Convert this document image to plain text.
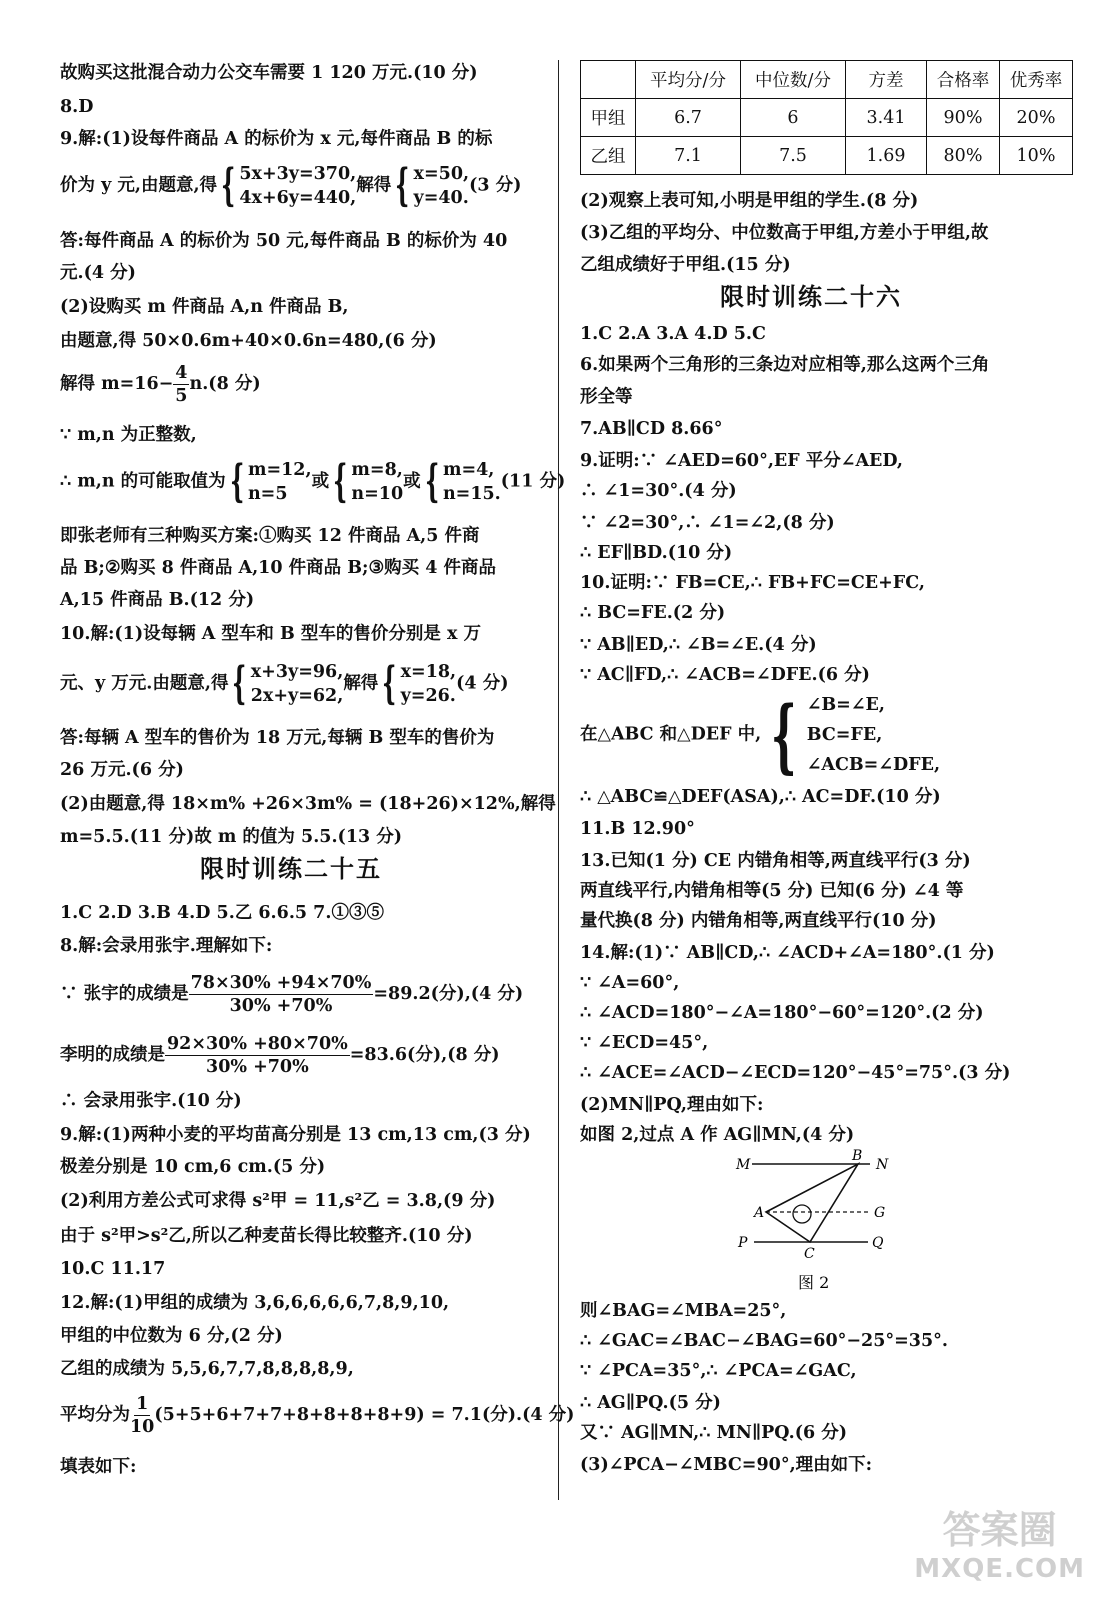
故购买这批混合动力公交车需要 1 120 万元.(10 分)
8.D
9.解:(1)设每件商品 A 的标价为 x 元,每件商品 B 的标
价为 y 元,由题意,得 { 5x+3y=370,
4x+6y=440,
解得 { x=50,
y=40.
(3 分)
答:每件商品 A 的标价为 50 元,每件商品 B 的标价为 40
元.(4 分)
(2)设购买 m 件商品 A,n 件商品 B,
由题意,得 50×0.6m+40×0.6n=480,(6 分)
解得 $m=16- \frac{4}{5} n.(8$ 分)
∵ m,n 为正整数,
∴ m,n 的可能取值为 { m=12,
n=5
或 { m=8,
n=10
或 { m=4,
n=15.
(11 分)
即张老师有三种购买方案:①购买 12 件商品 A,5 件商
品 B;②购买 8 件商品 A,10 件商品 B;③购买 4 件商品
A,15 件商品 B.(12 分)
10.解:(1)设每辆 A 型车和 B 型车的售价分别是 x 万
元、y 万元.由题意,得 { x+3y=96,
2x+y=62,
解得 { x=18,
y=26.
(4 分)
答:每辆 A 型车的售价为 18 万元,每辆 B 型车的售价为
26 万元.(6 分)
(2)由题意,得 18×m% +26×3m% = (18+26)×12%,解得
m=5.5.(11 分)故 m 的值为 5.5.(13 分)
限时训练二十五
1.C 2.D 3.B 4.D 5.乙 6.6.5 7.①③⑤
8.解:会录用张宇.理解如下:
∵ 张宇的成绩是 $\frac{78\times 30\% +94\times 70\%}{30\% +70\%} =89.2$(分),(4 分)
李明的成绩是 $\frac{92\times 30\% +80\times 70\%}{30\% +70\%} =83.6$(分),(8 分)
∴ 会录用张宇.(10 分)
9.解:(1)两种小麦的平均苗高分别是 13 cm,13 cm,(3 分)
极差分别是 10 cm,6 cm.(5 分)
(2)利用方差公式可求得 s²甲 = 11,s²乙 = 3.8,(9 分)
由于 s²甲>s²乙,所以乙种麦苗长得比较整齐.(10 分)
10.C 11.17
12.解:(1)甲组的成绩为 3,6,6,6,6,6,7,8,9,10,
甲组的中位数为 6 分,(2 分)
乙组的成绩为 5,5,6,7,7,8,8,8,8,9,
平均分为 $\frac{1}{10} (5+5+6+7+7+8+8+8+8+9) = 7.1$(分).(4 分)
填表如下:
	平均分/分	中位数/分	方差	合格率	优秀率
甲组	6.7	6	3.41	90%	20%
乙组	7.1	7.5	1.69	80%	10%
(2)观察上表可知,小明是甲组的学生.(8 分)
(3)乙组的平均分、中位数高于甲组,方差小于甲组,故
乙组成绩好于甲组.(15 分)
限时训练二十六
1.C 2.A 3.A 4.D 5.C
6.如果两个三角形的三条边对应相等,那么这两个三角
形全等
7.AB∥CD 8.66°
9.证明:∵ ∠AED=60°,EF 平分∠AED,
∴ ∠1=30°.(4 分)
∵ ∠2=30°,∴ ∠1=∠2,(8 分)
∴ EF∥BD.(10 分)
10.证明:∵ FB=CE,∴ FB+FC=CE+FC,
∴ BC=FE.(2 分)
∵ AB∥ED,∴ ∠B=∠E.(4 分)
∵ AC∥FD,∴ ∠ACB=∠DFE.(6 分)
在△ABC 和△DEF 中, { ∠B=∠E,
BC=FE,
∠ACB=∠DFE,
∴ △ABC≌△DEF(ASA),∴ AC=DF.(10 分)
11.B 12.90°
13.已知(1 分) CE 内错角相等,两直线平行(3 分)
两直线平行,内错角相等(5 分) 已知(6 分) ∠4 等
量代换(8 分) 内错角相等,两直线平行(10 分)
14.解:(1)∵ AB∥CD,∴ ∠ACD+∠A=180°.(1 分)
∵ ∠A=60°,
∴ ∠ACD=180°−∠A=180°−60°=120°.(2 分)
∵ ∠ECD=45°,
∴ ∠ACE=∠ACD−∠ECD=120°−45°=75°.(3 分)
(2)MN∥PQ,理由如下:
如图 2,过点 A 作 AG∥MN,(4 分)
M
B
N
A	G
P
C
Q
图 2
则∠BAG=∠MBA=25°,
∴ ∠GAC=∠BAC−∠BAG=60°−25°=35°.
∵ ∠PCA=35°,∴ ∠PCA=∠GAC,
∴ AG∥PQ.(5 分)
又∵ AG∥MN,∴ MN∥PQ.(6 分)
(3)∠PCA−∠MBC=90°,理由如下:
答案圈
MXQE.COM
